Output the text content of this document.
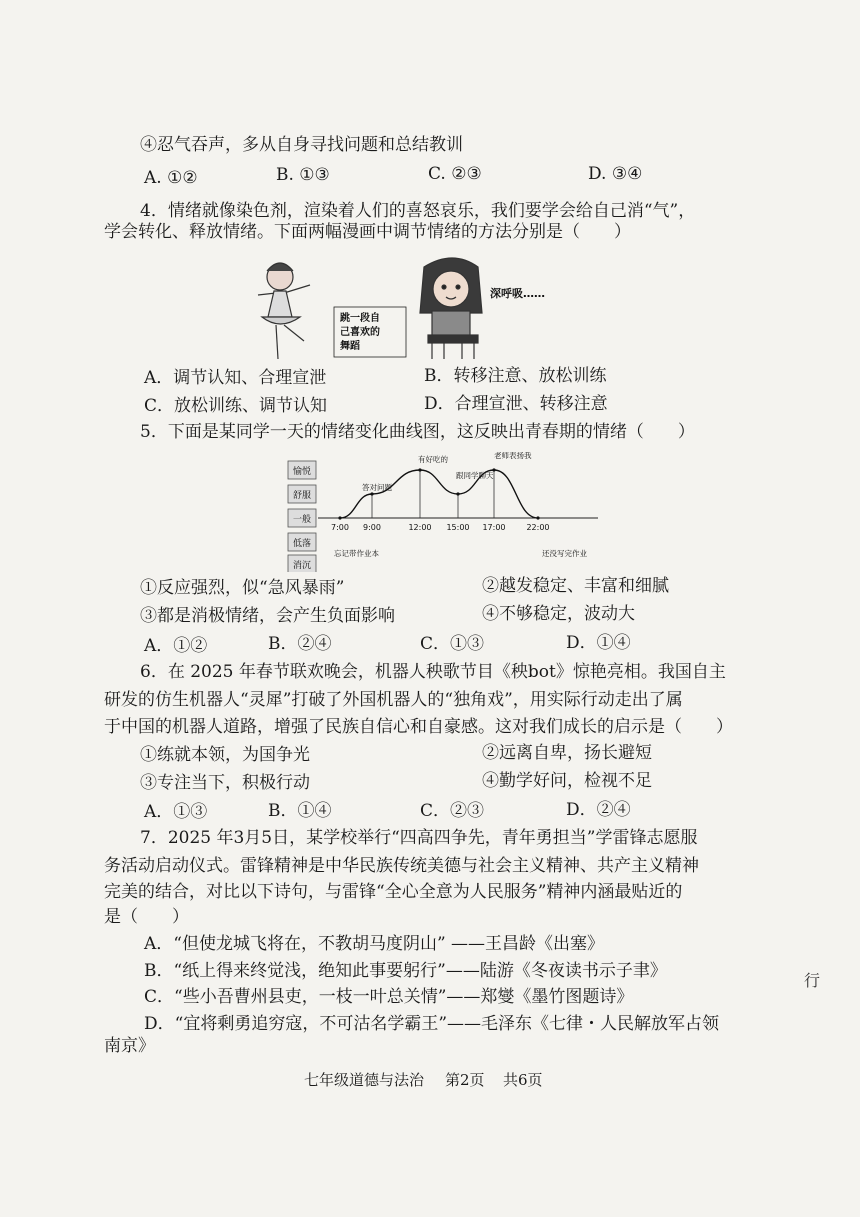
④忍气吞声，多从自身寻找问题和总结教训
A. ①②	B. ①③	C. ②③	D. ③④
4．情绪就像染色剂，渲染着人们的喜怒哀乐，我们要学会给自己消“气”，
学会转化、释放情绪。下面两幅漫画中调节情绪的方法分别是（　　）
跳一段自
己喜欢的
舞蹈
深呼吸……
A．调节认知、合理宣泄	B．转移注意、放松训练
C．放松训练、调节认知	D．合理宣泄、转移注意
5．下面是某同学一天的情绪变化曲线图，这反映出青春期的情绪（　　）
愉悦
舒服
一般
低落
消沉
7:00 9:00	12:00 15:00 17:00	22:00
忘记带作业本
答对问题
有好吃的
跟同学聊天
老师表扬我
还没写完作业
①反应强烈，似“急风暴雨”	②越发稳定、丰富和细腻
③都是消极情绪，会产生负面影响	④不够稳定，波动大
A．①②	B．②④	C．①③	D．①④
6．在 2025 年春节联欢晚会，机器人秧歌节目《秧bot》惊艳亮相。我国自主
研发的仿生机器人“灵犀”打破了外国机器人的“独角戏”，用实际行动走出了属
于中国的机器人道路，增强了民族自信心和自豪感。这对我们成长的启示是（　　）
①练就本领，为国争光	②远离自卑，扬长避短
③专注当下，积极行动	④勤学好问，检视不足
A．①③	B．①④	C．②③	D．②④
7．2025 年3月5日，某学校举行“四高四争先，青年勇担当”学雷锋志愿服
务活动启动仪式。雷锋精神是中华民族传统美德与社会主义精神、共产主义精神
完美的结合，对比以下诗句，与雷锋“全心全意为人民服务”精神内涵最贴近的
是（　　）
A．“但使龙城飞将在，不教胡马度阴山” ——王昌龄《出塞》
B．“纸上得来终觉浅，绝知此事要躬行”——陆游《冬夜读书示子聿》
C．“些小吾曹州县吏，一枝一叶总关情”——郑燮《墨竹图题诗》
D．“宜将剩勇追穷寇，不可沽名学霸王”——毛泽东《七律・人民解放军占领
南京》
行
七年级道德与法治 第2页 共6页
